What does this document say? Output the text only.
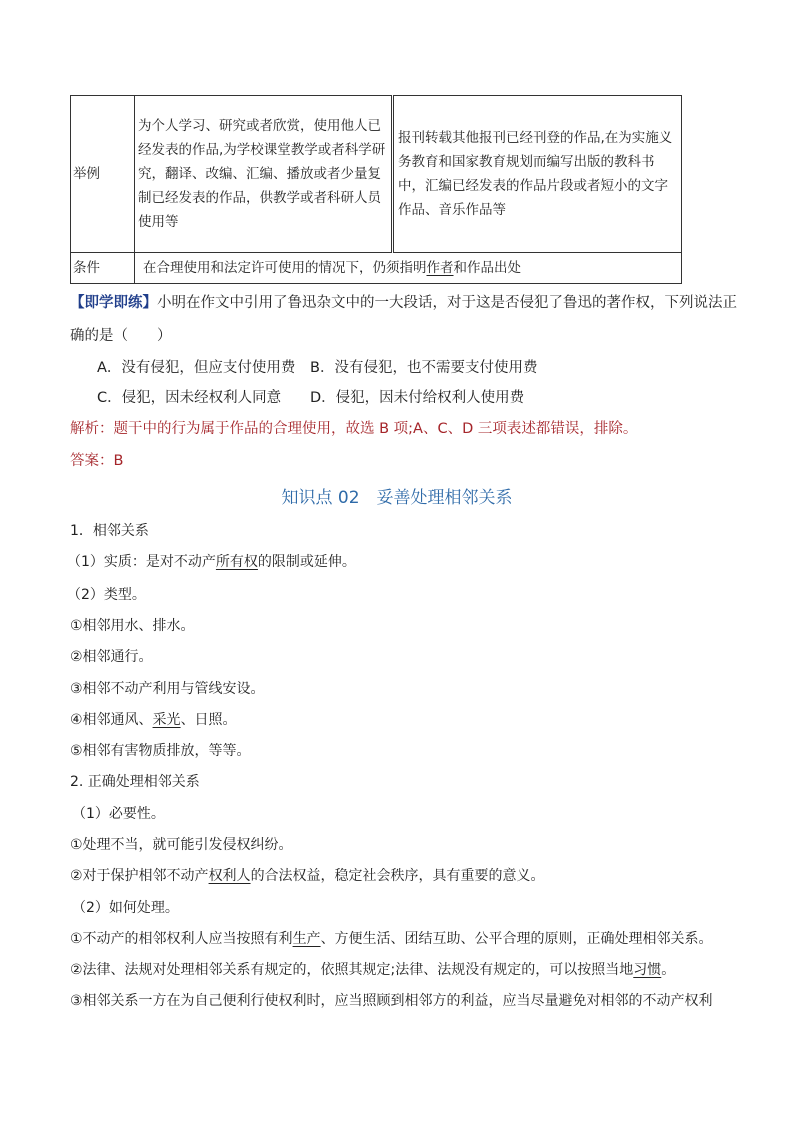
举例	为个人学习、研究或者欣赏，使用他人已经发表的作品,为学校课堂教学或者科学研究，翻译、改编、汇编、播放或者少量复制已经发表的作品，供教学或者科研人员使用等	报刊转载其他报刊已经刊登的作品,在为实施义务教育和国家教育规划而编写出版的教科书中，汇编已经发表的作品片段或者短小的文字作品、音乐作品等
条件	在合理使用和法定许可使用的情况下，仍须指明作者和作品出处	
【即学即练】小明在作文中引用了鲁迅杂文中的一大段话，对于这是否侵犯了鲁迅的著作权，下列说法正
确的是（　　）
A．没有侵犯，但应支付使用费 B．没有侵犯，也不需要支付使用费
C．侵犯，因未经权利人同意 D．侵犯，因未付给权利人使用费
解析：题干中的行为属于作品的合理使用，故选 B 项;A、C、D 三项表述都错误，排除。
答案：B
知识点 02　妥善处理相邻关系
1．相邻关系
（1）实质：是对不动产所有权的限制或延伸。
（2）类型。
①相邻用水、排水。
②相邻通行。
③相邻不动产利用与管线安设。
④相邻通风、采光、日照。
⑤相邻有害物质排放，等等。
2. 正确处理相邻关系
（1）必要性。
①处理不当，就可能引发侵权纠纷。
②对于保护相邻不动产权利人的合法权益，稳定社会秩序，具有重要的意义。
（2）如何处理。
①不动产的相邻权利人应当按照有利生产、方便生活、团结互助、公平合理的原则，正确处理相邻关系。
②法律、法规对处理相邻关系有规定的，依照其规定;法律、法规没有规定的，可以按照当地习惯。
③相邻关系一方在为自己便利行使权利时，应当照顾到相邻方的利益，应当尽量避免对相邻的不动产权利
